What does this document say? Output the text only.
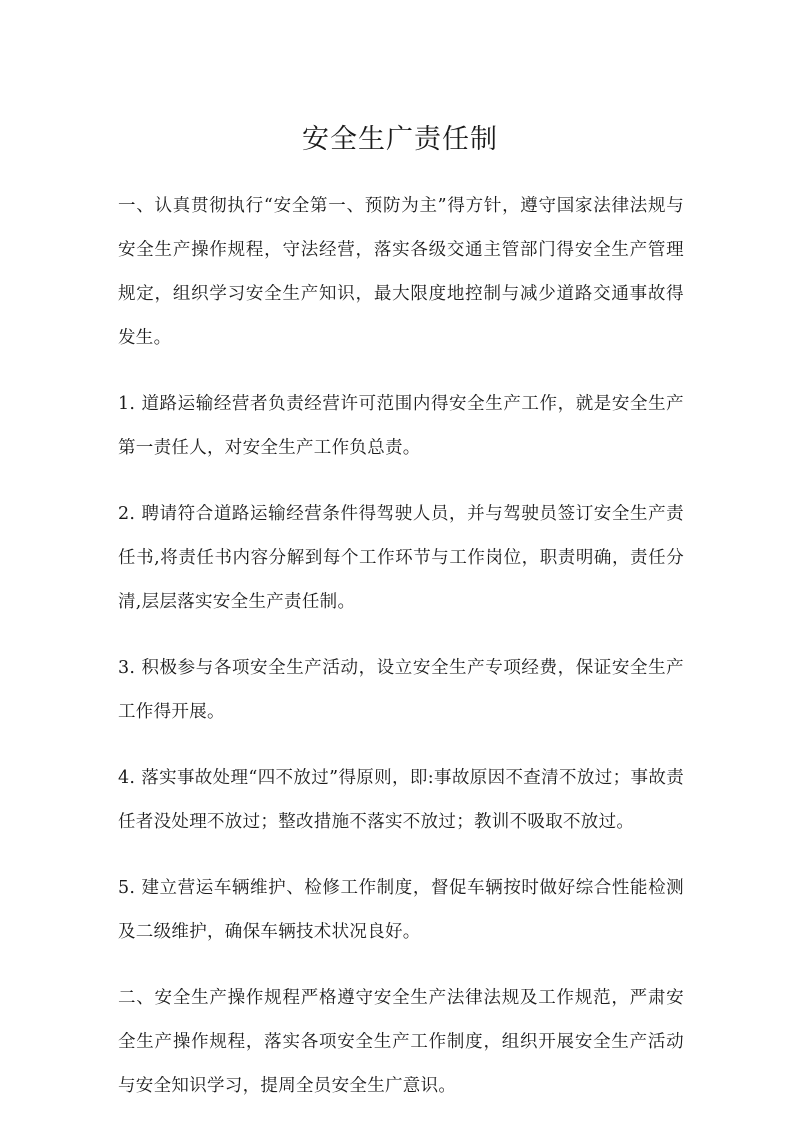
安全生广责任制

一、认真贯彻执行“安全第一、预防为主”得方针，遵守国家法律法规与安全生产操作规程，守法经营，落实各级交通主管部门得安全生产管理规定，组织学习安全生产知识，最大限度地控制与减少道路交通事故得发生。

1. 道路运输经营者负责经营许可范围内得安全生产工作，就是安全生产第一责任人，对安全生产工作负总责。

2. 聘请符合道路运输经营条件得驾驶人员，并与驾驶员签订安全生产责任书,将责任书内容分解到每个工作环节与工作岗位，职责明确，责任分清,层层落实安全生产责任制。

3. 积极参与各项安全生产活动，设立安全生产专项经费，保证安全生产工作得开展。

4. 落实事故处理“四不放过”得原则，即:事故原因不查清不放过；事故责任者没处理不放过；整改措施不落实不放过；教训不吸取不放过。

5. 建立营运车辆维护、检修工作制度，督促车辆按时做好综合性能检测及二级维护，确保车辆技术状况良好。

二、安全生产操作规程严格遵守安全生产法律法规及工作规范，严肃安全生产操作规程，落实各项安全生产工作制度，组织开展安全生产活动与安全知识学习，提周全员安全生广意识。
